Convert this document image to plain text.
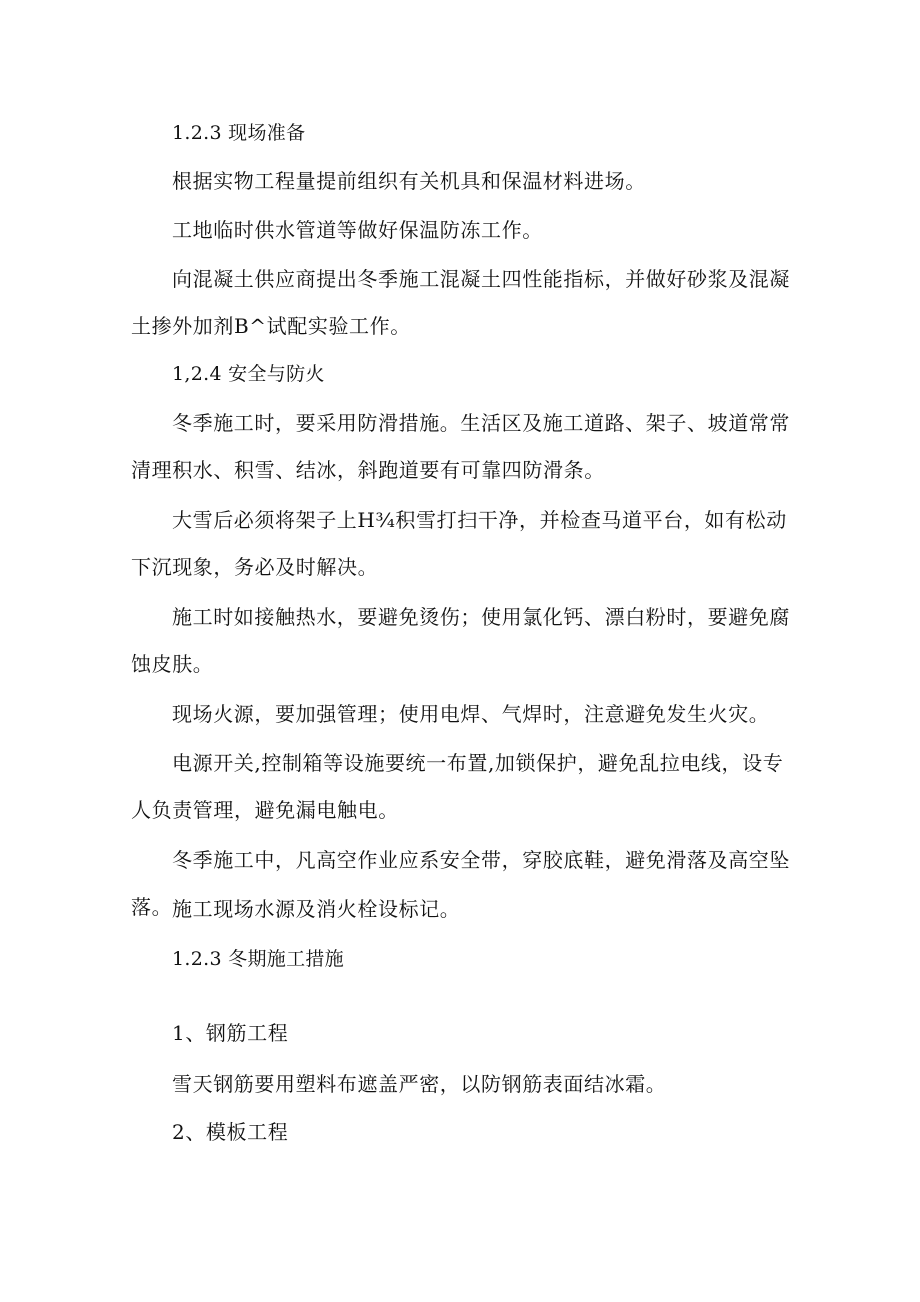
1.2.3 现场准备

根据实物工程量提前组织有关机具和保温材料进场。

工地临时供水管道等做好保温防冻工作。

向混凝土供应商提出冬季施工混凝土四性能指标，并做好砂浆及混凝土掺外加剂B^试配实验工作。

1,2.4 安全与防火

冬季施工时，要采用防滑措施。生活区及施工道路、架子、坡道常常清理积水、积雪、结冰，斜跑道要有可靠四防滑条。

大雪后必须将架子上H¾积雪打扫干净，并检查马道平台，如有松动下沉现象，务必及时解决。

施工时如接触热水，要避免烫伤；使用氯化钙、漂白粉时，要避免腐蚀皮肤。

现场火源，要加强管理；使用电焊、气焊时，注意避免发生火灾。

电源开关,控制箱等设施要统一布置,加锁保护，避免乱拉电线，设专人负责管理，避免漏电触电。

冬季施工中，凡高空作业应系安全带，穿胶底鞋，避免滑落及高空坠落。 施工现场水源及消火栓设标记。

1.2.3 冬期施工措施

1、钢筋工程

雪天钢筋要用塑料布遮盖严密，以防钢筋表面结冰霜。

2、模板工程
